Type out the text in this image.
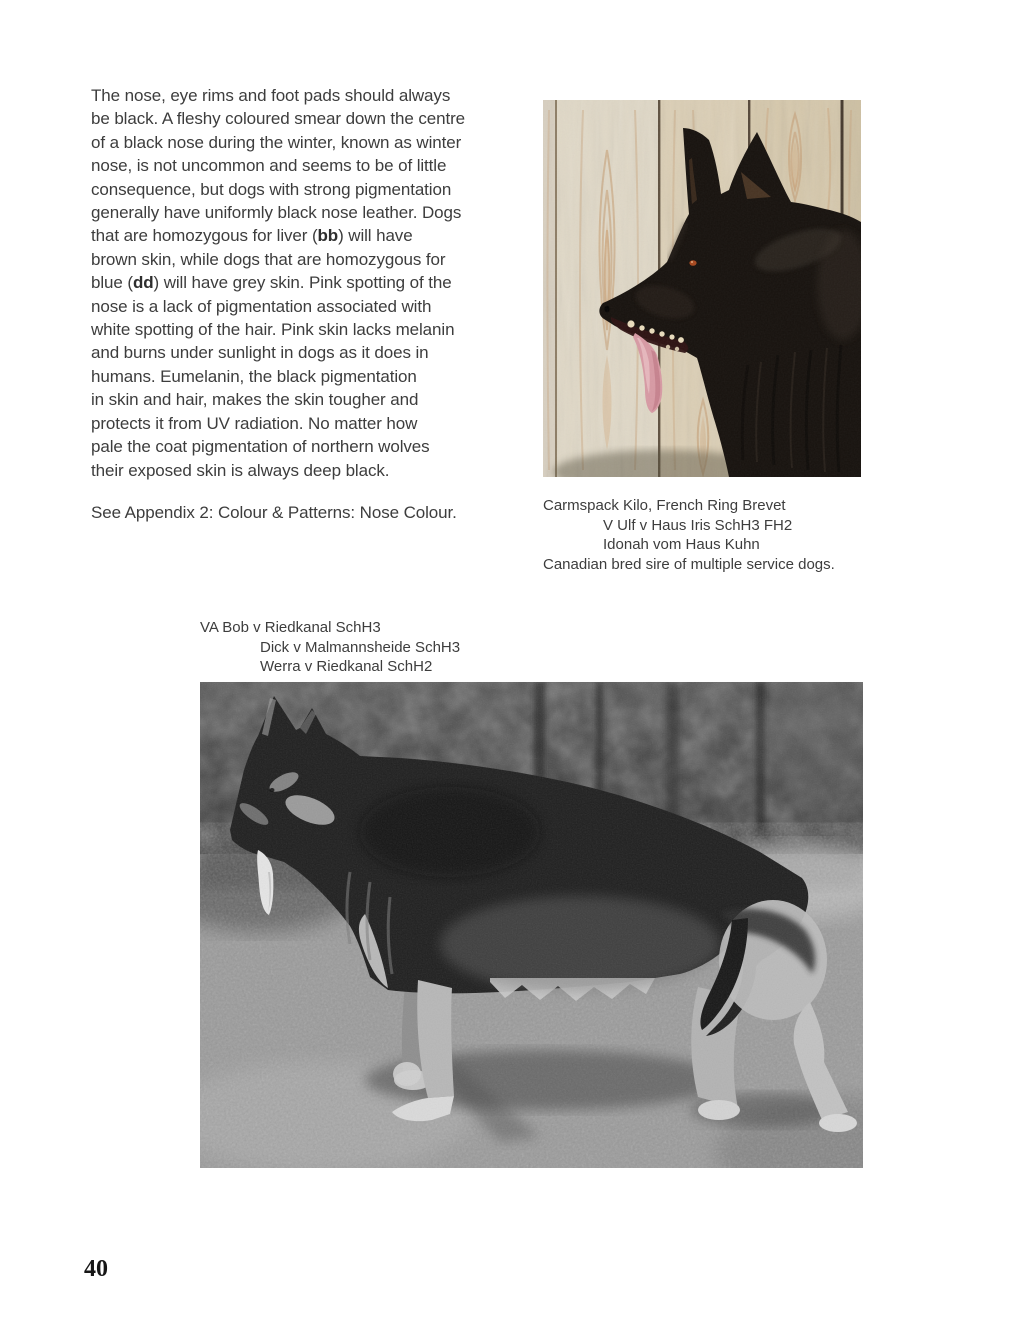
The nose, eye rims and foot pads should always
be black. A fleshy coloured smear down the centre
of a black nose during the winter, known as winter
nose, is not uncommon and seems to be of little
consequence, but dogs with strong pigmentation
generally have uniformly black nose leather. Dogs
that are homozygous for liver (bb) will have
brown skin, while dogs that are homozygous for
blue (dd) will have grey skin. Pink spotting of the
nose is a lack of pigmentation associated with
white spotting of the hair. Pink skin lacks melanin
and burns under sunlight in dogs as it does in
humans. Eumelanin, the black pigmentation
in skin and hair, makes the skin tougher and
protects it from UV radiation. No matter how
pale the coat pigmentation of northern wolves
their exposed skin is always deep black.
See Appendix 2: Colour & Patterns: Nose Colour.	Carmspack Kilo, French Ring Brevet
V Ulf v Haus Iris SchH3 FH2
Idonah vom Haus Kuhn
Canadian bred sire of multiple service dogs.
VA Bob v Riedkanal SchH3
Dick v Malmannsheide SchH3
Werra v Riedkanal SchH2
40
